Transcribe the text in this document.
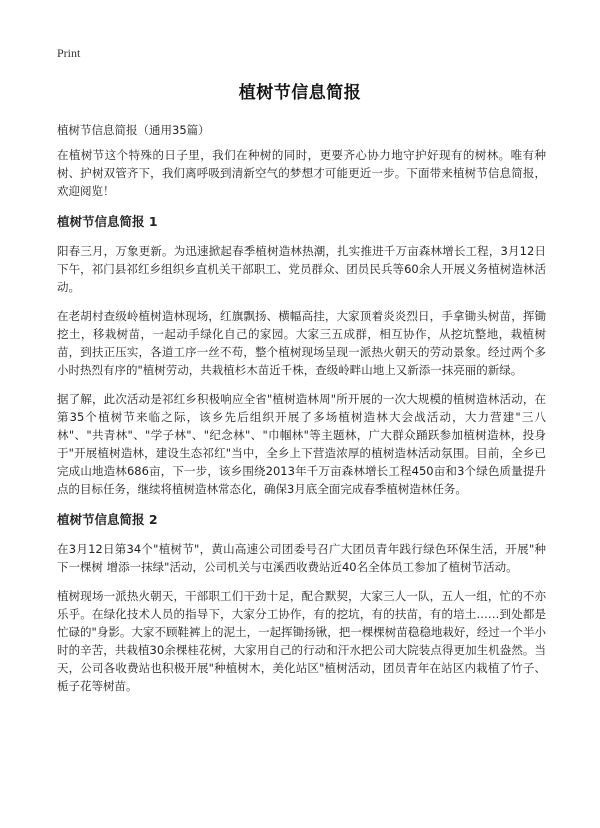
Print
植树节信息简报
植树节信息简报（通用35篇）

在植树节这个特殊的日子里，我们在种树的同时，更要齐心协力地守护好现有的树林。唯有种树、护树双管齐下，我们离呼吸到清新空气的梦想才可能更近一步。下面带来植树节信息简报，欢迎阅览！

植树节信息简报 1

阳春三月，万象更新。为迅速掀起春季植树造林热潮，扎实推进千万亩森林增长工程，3月12日下午，祁门县祁红乡组织乡直机关干部职工、党员群众、团员民兵等60余人开展义务植树造林活动。

在老胡村查级岭植树造林现场，红旗飘扬、横幅高挂，大家顶着炎炎烈日，手拿锄头树苗，挥锄挖土，移栽树苗，一起动手绿化自己的家园。大家三五成群，相互协作，从挖坑整地，栽植树苗，到扶正压实，各道工序一丝不苟，整个植树现场呈现一派热火朝天的劳动景象。经过两个多小时热烈有序的"植树劳动，共栽植杉木苗近千株，查级岭畔山地上又新添一抹亮丽的新绿。

据了解，此次活动是祁红乡积极响应全省"植树造林周"所开展的一次大规模的植树造林活动，在第35个植树节来临之际，该乡先后组织开展了多场植树造林大会战活动，大力营建"三八林"、"共青林"、"学子林"、"纪念林"、"巾帼林"等主题林，广大群众踊跃参加植树造林，投身于"开展植树造林，建设生态祁红"当中，全乡上下营造浓厚的植树造林活动氛围。目前，全乡已完成山地造林686亩，下一步，该乡围绕2013年千万亩森林增长工程450亩和3个绿色质量提升点的目标任务，继续将植树造林常态化，确保3月底全面完成春季植树造林任务。

植树节信息简报 2

在3月12日第34个"植树节"，黄山高速公司团委号召广大团员青年践行绿色环保生活，开展"种下一棵树 增添一抹绿"活动，公司机关与屯溪西收费站近40名全体员工参加了植树节活动。

植树现场一派热火朝天，干部职工们干劲十足，配合默契，大家三人一队，五人一组，忙的不亦乐乎。在绿化技术人员的指导下，大家分工协作，有的挖坑，有的扶苗，有的培土……到处都是忙碌的"身影。大家不顾鞋裤上的泥土，一起挥锄扬锹，把一棵棵树苗稳稳地栽好，经过一个半小时的辛苦，共栽植30余棵桂花树，大家用自己的行动和汗水把公司大院装点得更加生机盎然。当天，公司各收费站也积极开展"种植树木，美化站区"植树活动，团员青年在站区内栽植了竹子、栀子花等树苗。
